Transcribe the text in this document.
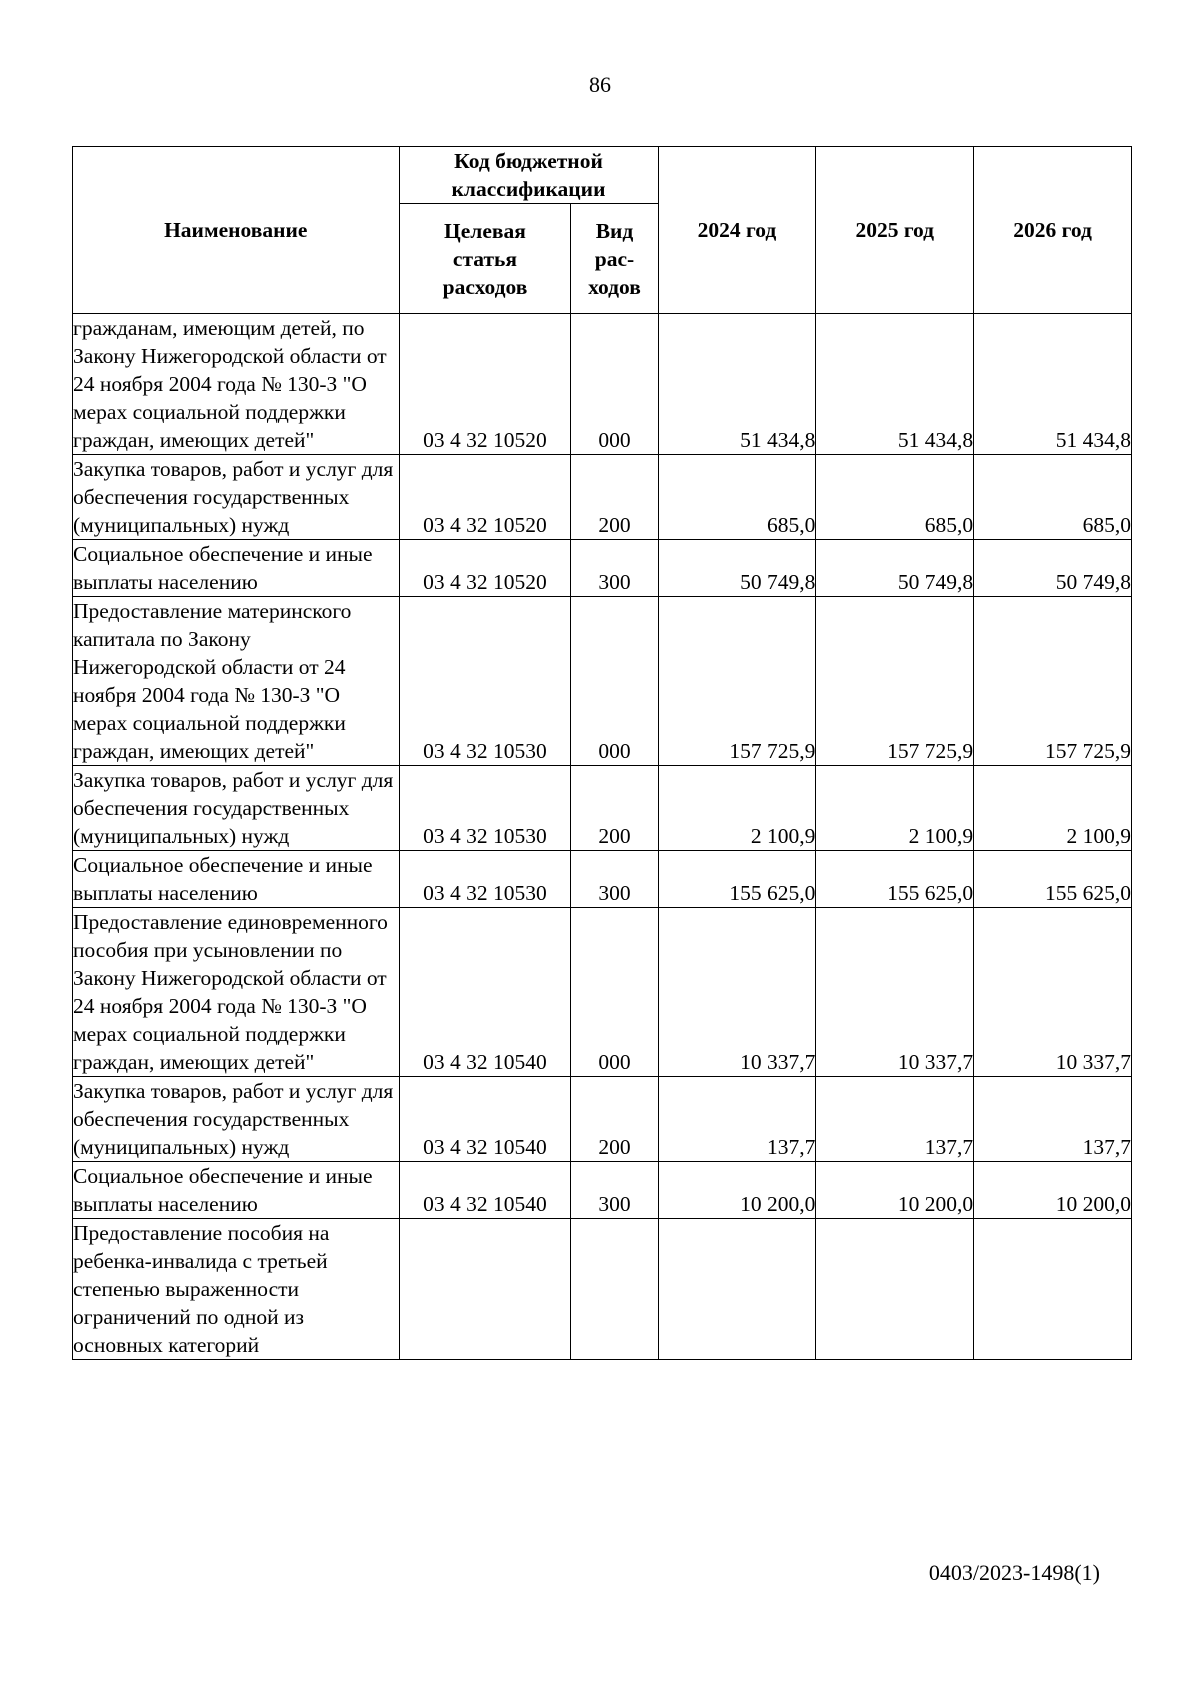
86
Наименование	Код бюджетной классификации		2024 год	2025 год	2026 год
	Целевая статья расходов	Вид рас- ходов			
гражданам, имеющим детей, по Закону Нижегородской области от 24 ноября 2004 года № 130-З "О мерах социальной поддержки граждан, имеющих детей"	03 4 32 10520	000	51 434,8	51 434,8	51 434,8
Закупка товаров, работ и услуг для обеспечения государственных (муниципальных) нужд	03 4 32 10520	200	685,0	685,0	685,0
Социальное обеспечение и иные выплаты населению	03 4 32 10520	300	50 749,8	50 749,8	50 749,8
Предоставление материнского капитала по Закону Нижегородской области от 24 ноября 2004 года № 130-З "О мерах социальной поддержки граждан, имеющих детей"	03 4 32 10530	000	157 725,9	157 725,9	157 725,9
Закупка товаров, работ и услуг для обеспечения государственных (муниципальных) нужд	03 4 32 10530	200	2 100,9	2 100,9	2 100,9
Социальное обеспечение и иные выплаты населению	03 4 32 10530	300	155 625,0	155 625,0	155 625,0
Предоставление единовременного пособия при усыновлении по Закону Нижегородской области от 24 ноября 2004 года № 130-З "О мерах социальной поддержки граждан, имеющих детей"	03 4 32 10540	000	10 337,7	10 337,7	10 337,7
Закупка товаров, работ и услуг для обеспечения государственных (муниципальных) нужд	03 4 32 10540	200	137,7	137,7	137,7
Социальное обеспечение и иные выплаты населению	03 4 32 10540	300	10 200,0	10 200,0	10 200,0
Предоставление пособия на ребенка-инвалида с третьей степенью выраженности ограничений по одной из основных категорий					
0403/2023-1498(1)
